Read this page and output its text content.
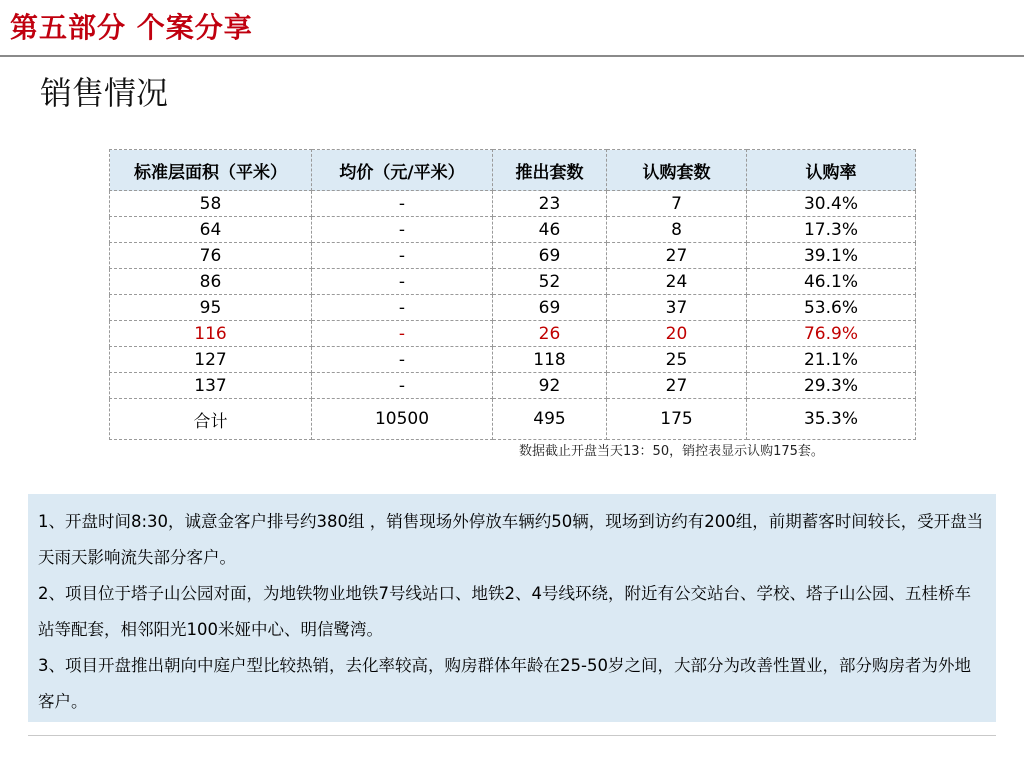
第五部分 个案分享
销售情况
标准层面积（平米）	均价（元/平米）	推出套数	认购套数	认购率
58	-	23	7	30.4%
64	-	46	8	17.3%
76	-	69	27	39.1%
86	-	52	24	46.1%
95	-	69	37	53.6%
116	-	26	20	76.9%
127	-	118	25	21.1%
137	-	92	27	29.3%
合计	10500	495	175	35.3%
数据截止开盘当天13：50，销控表显示认购175套。

1、开盘时间8:30，诚意金客户排号约380组 ，销售现场外停放车辆约50辆，现场到访约有200组，前期蓄客时间较长，受开盘当天雨天影响流失部分客户。

2、项目位于塔子山公园对面，为地铁物业地铁7号线站口、地铁2、4号线环绕，附近有公交站台、学校、塔子山公园、五桂桥车站等配套，相邻阳光100米娅中心、明信鹭湾。

3、项目开盘推出朝向中庭户型比较热销，去化率较高，购房群体年龄在25-50岁之间，大部分为改善性置业，部分购房者为外地客户。
